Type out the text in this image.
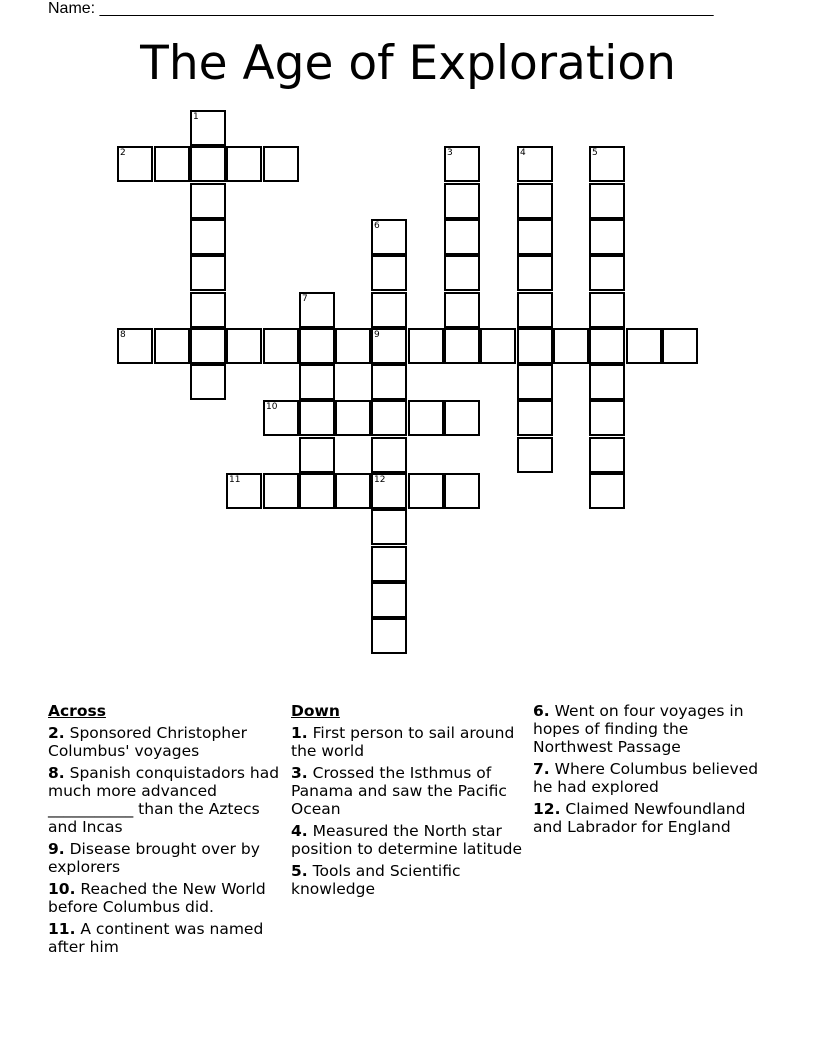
Name: _____________________________________________________________________
The Age of Exploration
1
2	3	4	5
6
9
7
8
10
11	12
Across
2. Sponsored Christopher Columbus' voyages
8. Spanish conquistadors had much more advanced ___________ than the Aztecs and Incas
9. Disease brought over by explorers
10. Reached the New World before Columbus did.
11. A continent was named after him
Down
1. First person to sail around the world
3. Crossed the Isthmus of Panama and saw the Pacific Ocean
4. Measured the North star position to determine latitude
5. Tools and Scientific knowledge
6. Went on four voyages in hopes of finding the Northwest Passage
7. Where Columbus believed he had explored
12. Claimed Newfoundland and Labrador for England
